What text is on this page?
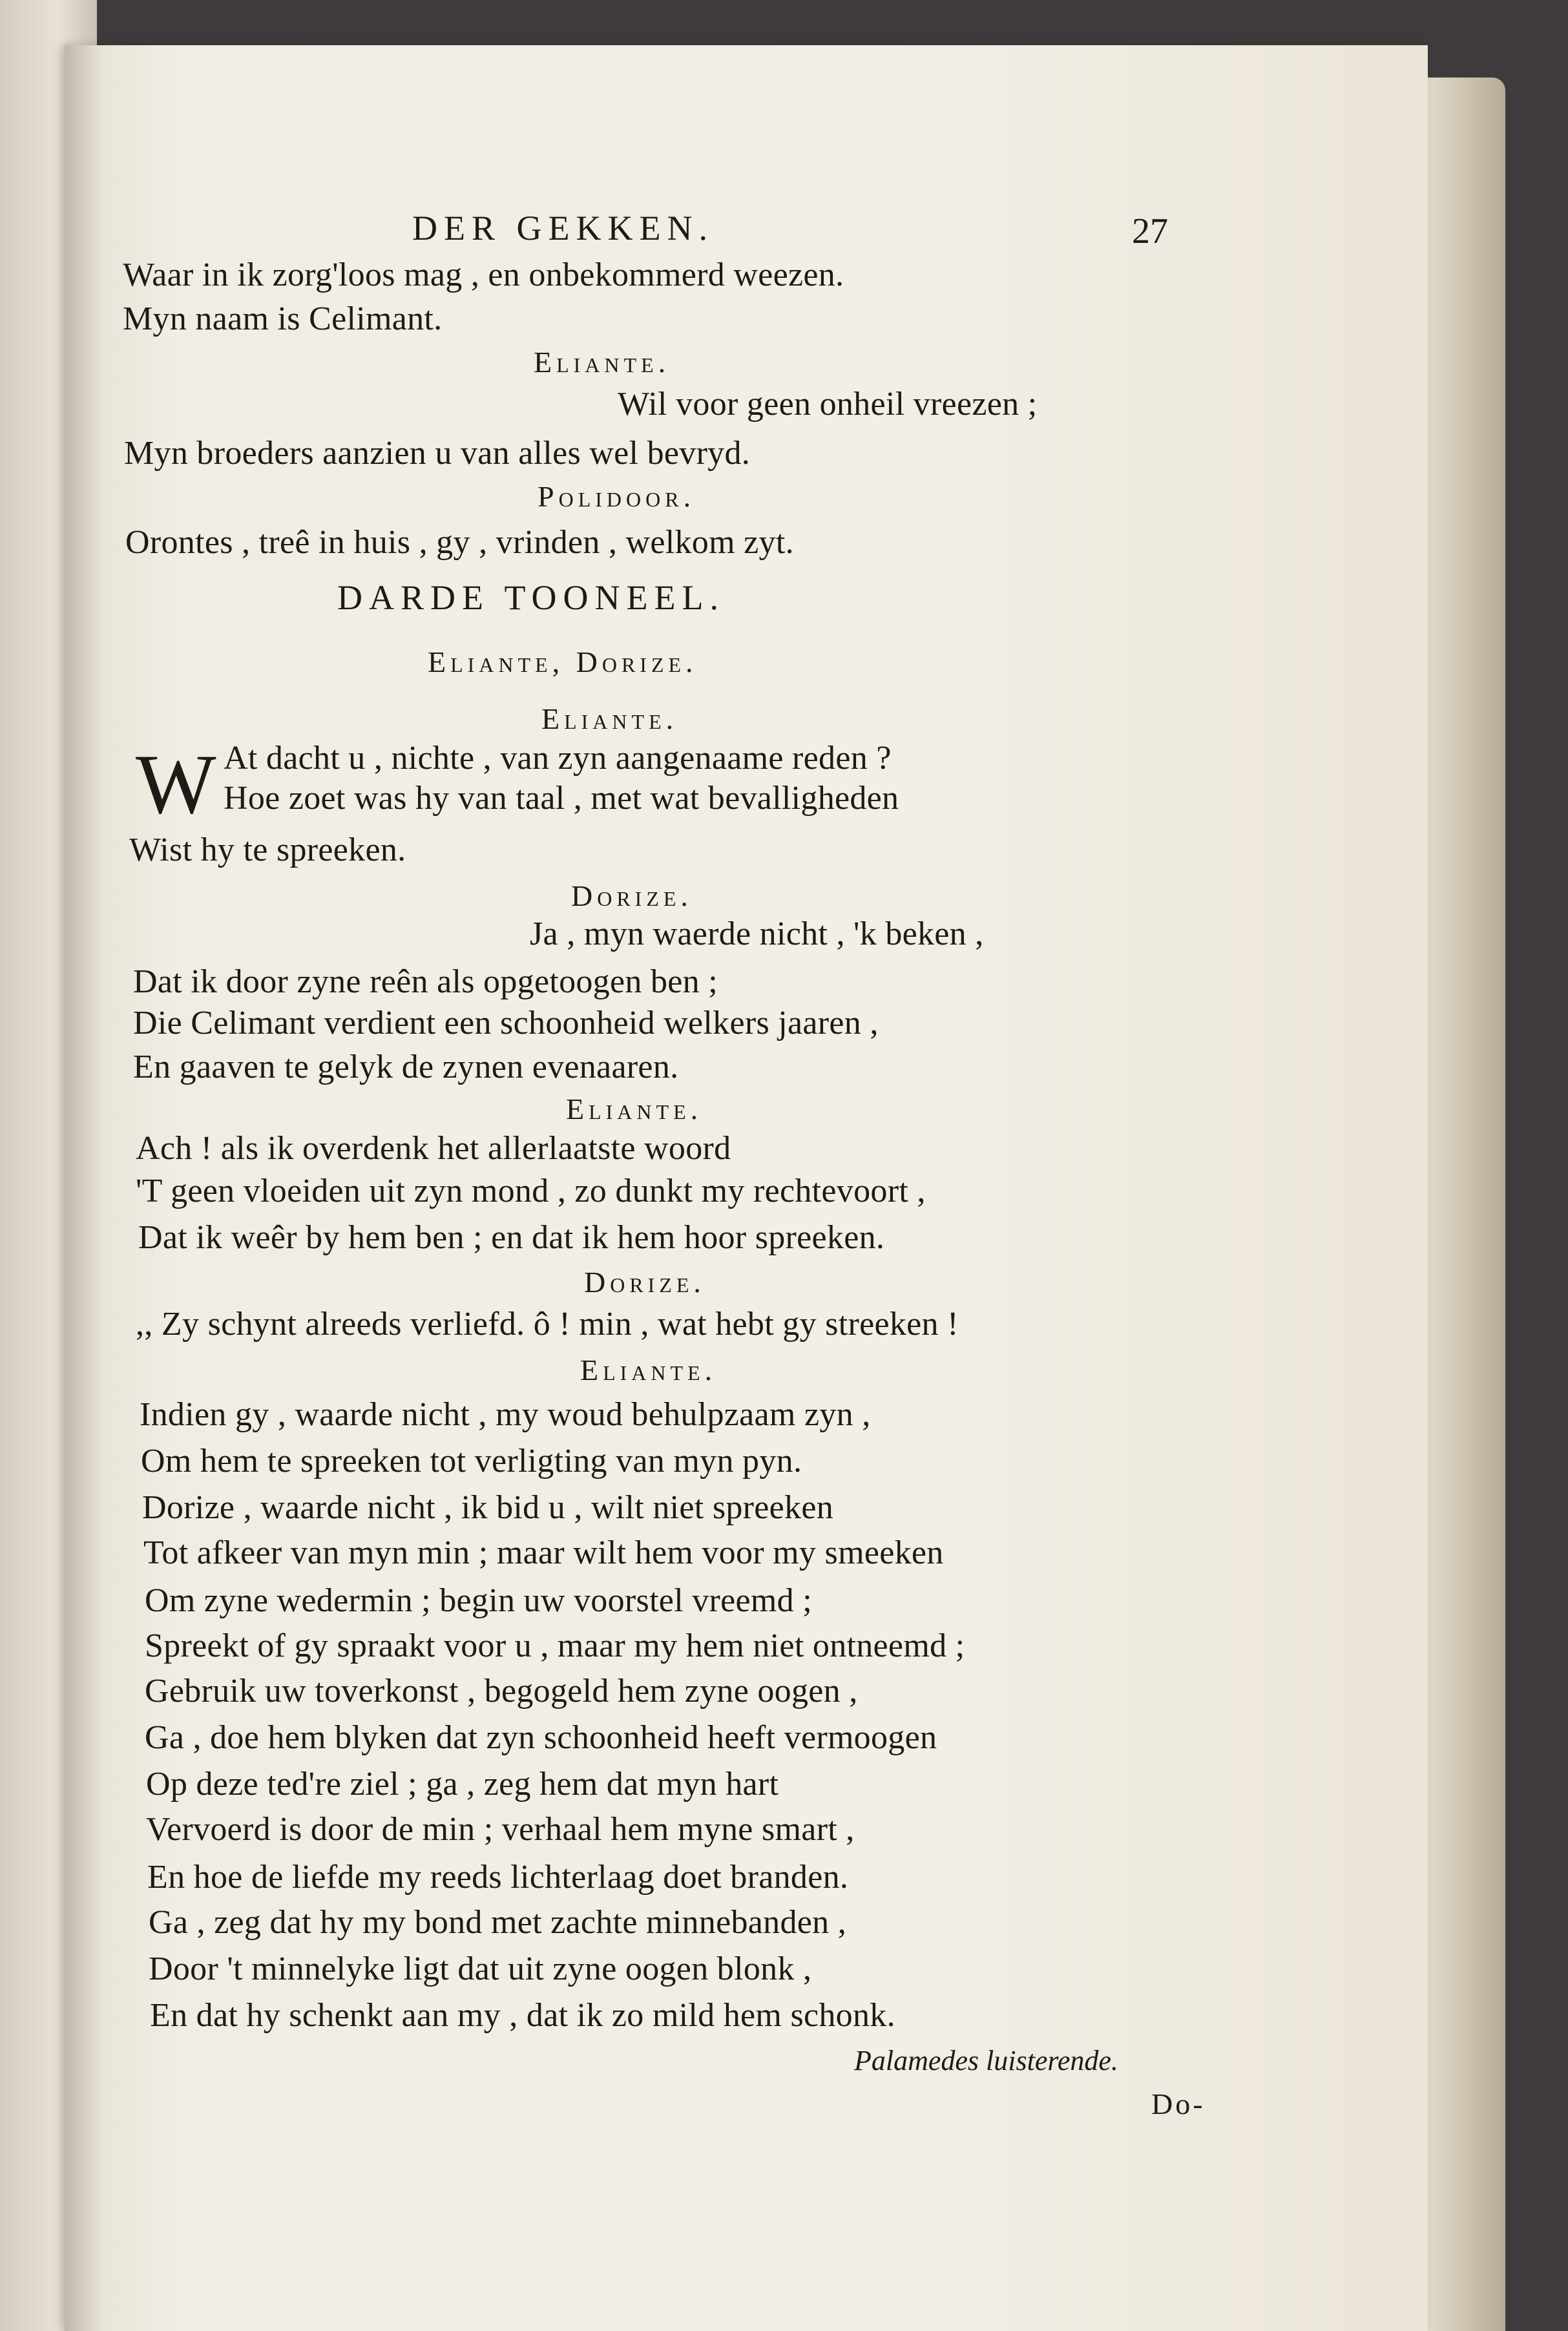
DER GEKKEN.	27
Waar in ik zorg'loos mag , en onbekommerd weezen.
Myn naam is Celimant.
Eliante.
Wil voor geen onheil vreezen ;
Myn broeders aanzien u van alles wel bevryd.
Polidoor.
Orontes , treê in huis , gy , vrinden , welkom zyt.
DARDE TOONEEL.
Eliante, Dorize.
Eliante.
W At dacht u , nichte , van zyn aangenaame reden ?
Hoe zoet was hy van taal , met wat bevalligheden
Wist hy te spreeken.
Dorize.
Ja , myn waerde nicht , 'k beken ,
Dat ik door zyne reên als opgetoogen ben ;
Die Celimant verdient een schoonheid welkers jaaren ,
En gaaven te gelyk de zynen evenaaren.
Eliante.
Ach ! als ik overdenk het allerlaatste woord
'T geen vloeiden uit zyn mond , zo dunkt my rechtevoort ,
Dat ik weêr by hem ben ; en dat ik hem hoor spreeken.
Dorize.
,, Zy schynt alreeds verliefd. ô ! min , wat hebt gy streeken !
Eliante.
Indien gy , waarde nicht , my woud behulpzaam zyn ,
Om hem te spreeken tot verligting van myn pyn.
Dorize , waarde nicht , ik bid u , wilt niet spreeken
Tot afkeer van myn min ; maar wilt hem voor my smeeken
Om zyne wedermin ; begin uw voorstel vreemd ;
Spreekt of gy spraakt voor u , maar my hem niet ontneemd ;
Gebruik uw toverkonst , begogeld hem zyne oogen ,
Ga , doe hem blyken dat zyn schoonheid heeft vermoogen
Op deze ted're ziel ; ga , zeg hem dat myn hart
Vervoerd is door de min ; verhaal hem myne smart ,
En hoe de liefde my reeds lichterlaag doet branden.
Ga , zeg dat hy my bond met zachte minnebanden ,
Door 't minnelyke ligt dat uit zyne oogen blonk ,
En dat hy schenkt aan my , dat ik zo mild hem schonk.
Palamedes luisterende.
Do-
